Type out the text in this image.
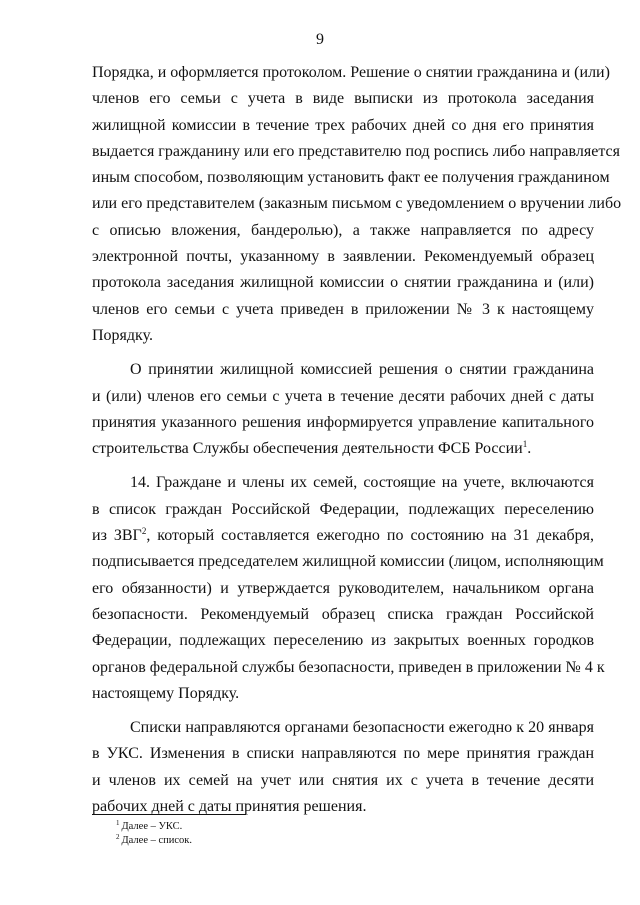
9

Порядка, и оформляется протоколом. Решение о снятии гражданина и (или)
членов его семьи с учета в виде выписки из протокола заседания
жилищной комиссии в течение трех рабочих дней со дня его принятия
выдается гражданину или его представителю под роспись либо направляется
иным способом, позволяющим установить факт ее получения гражданином
или его представителем (заказным письмом с уведомлением о вручении либо
с описью вложения, бандеролью), а также направляется по адресу
электронной почты, указанному в заявлении. Рекомендуемый образец
протокола заседания жилищной комиссии о снятии гражданина и (или)
членов его семьи с учета приведен в приложении № 3 к настоящему
Порядку.

О принятии жилищной комиссией решения о снятии гражданина
и (или) членов его семьи с учета в течение десяти рабочих дней с даты
принятия указанного решения информируется управление капитального
строительства Службы обеспечения деятельности ФСБ России$^1$.

14. Граждане и члены их семей, состоящие на учете, включаются
в список граждан Российской Федерации, подлежащих переселению
из ЗВГ$^2$, который составляется ежегодно по состоянию на 31 декабря,
подписывается председателем жилищной комиссии (лицом, исполняющим
его обязанности) и утверждается руководителем, начальником органа
безопасности. Рекомендуемый образец списка граждан Российской
Федерации, подлежащих переселению из закрытых военных городков
органов федеральной службы безопасности, приведен в приложении № 4 к
настоящему Порядку.

Списки направляются органами безопасности ежегодно к 20 января
в УКС. Изменения в списки направляются по мере принятия граждан
и членов их семей на учет или снятия их с учета в течение десяти
рабочих дней с даты принятия решения.

$^1$ Далее – УКС.
$^2$ Далее – список.
